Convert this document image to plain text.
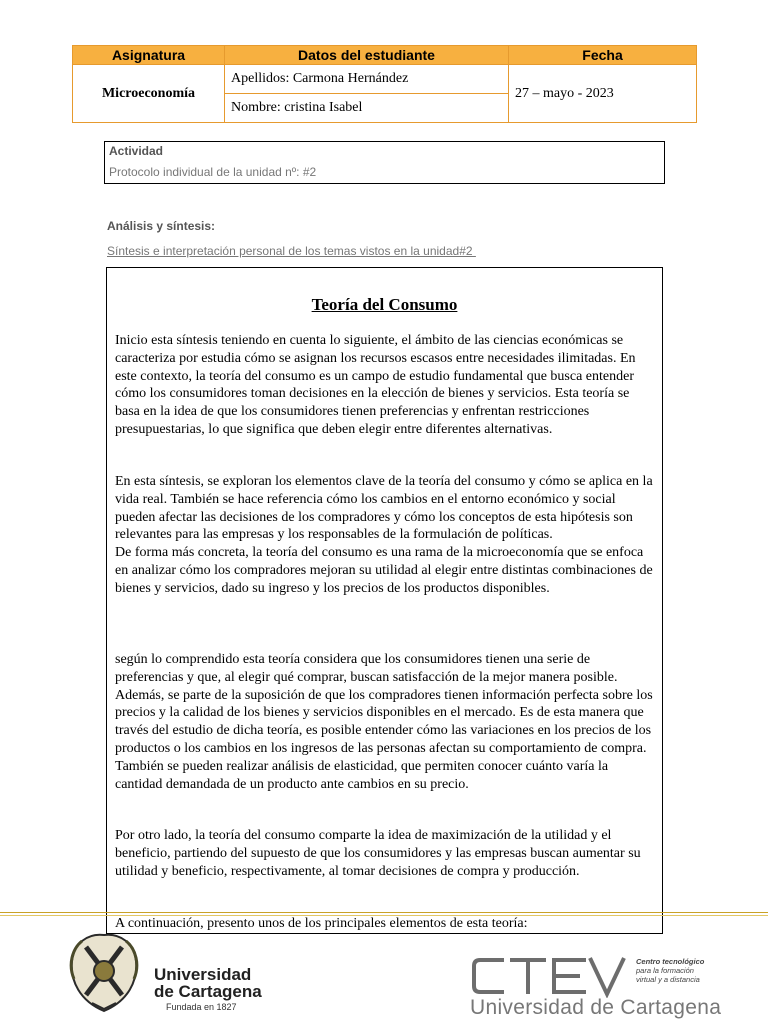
Asignatura	Datos del estudiante	Fecha
Microeconomía	Apellidos: Carmona Hernández	27 – mayo - 2023
	Nombre: cristina Isabel	
Actividad
Protocolo individual de la unidad nº: #2
Análisis y síntesis:
Síntesis e interpretación personal de los temas vistos en la unidad#2
Teoría del Consumo

Inicio esta síntesis teniendo en cuenta lo siguiente, el ámbito de las ciencias económicas se caracteriza por estudia cómo se asignan los recursos escasos entre necesidades ilimitadas. En este contexto, la teoría del consumo es un campo de estudio fundamental que busca entender cómo los consumidores toman decisiones en la elección de bienes y servicios. Esta teoría se basa en la idea de que los consumidores tienen preferencias y enfrentan restricciones presupuestarias, lo que significa que deben elegir entre diferentes alternativas.

En esta síntesis, se exploran los elementos clave de la teoría del consumo y cómo se aplica en la vida real. También se hace referencia cómo los cambios en el entorno económico y social pueden afectar las decisiones de los compradores y cómo los conceptos de esta hipótesis son relevantes para las empresas y los responsables de la formulación de políticas.

De forma más concreta, la teoría del consumo es una rama de la microeconomía que se enfoca en analizar cómo los compradores mejoran su utilidad al elegir entre distintas combinaciones de bienes y servicios, dado su ingreso y los precios de los productos disponibles.

según lo comprendido esta teoría considera que los consumidores tienen una serie de preferencias y que, al elegir qué comprar, buscan satisfacción de la mejor manera posible. Además, se parte de la suposición de que los compradores tienen información perfecta sobre los precios y la calidad de los bienes y servicios disponibles en el mercado. Es de esta manera que través del estudio de dicha teoría, es posible entender cómo las variaciones en los precios de los productos o los cambios en los ingresos de las personas afectan su comportamiento de compra. También se pueden realizar análisis de elasticidad, que permiten conocer cuánto varía la cantidad demandada de un producto ante cambios en su precio.

Por otro lado, la teoría del consumo comparte la idea de maximización de la utilidad y el beneficio, partiendo del supuesto de que los consumidores y las empresas buscan aumentar su utilidad y beneficio, respectivamente, al tomar decisiones de compra y producción.

A continuación, presento unos de los principales elementos de esta teoría:

Universidad
de Cartagena
Fundada en 1827
Centro tecnológico
para la formación
virtual y a distancia
Universidad de Cartagena
